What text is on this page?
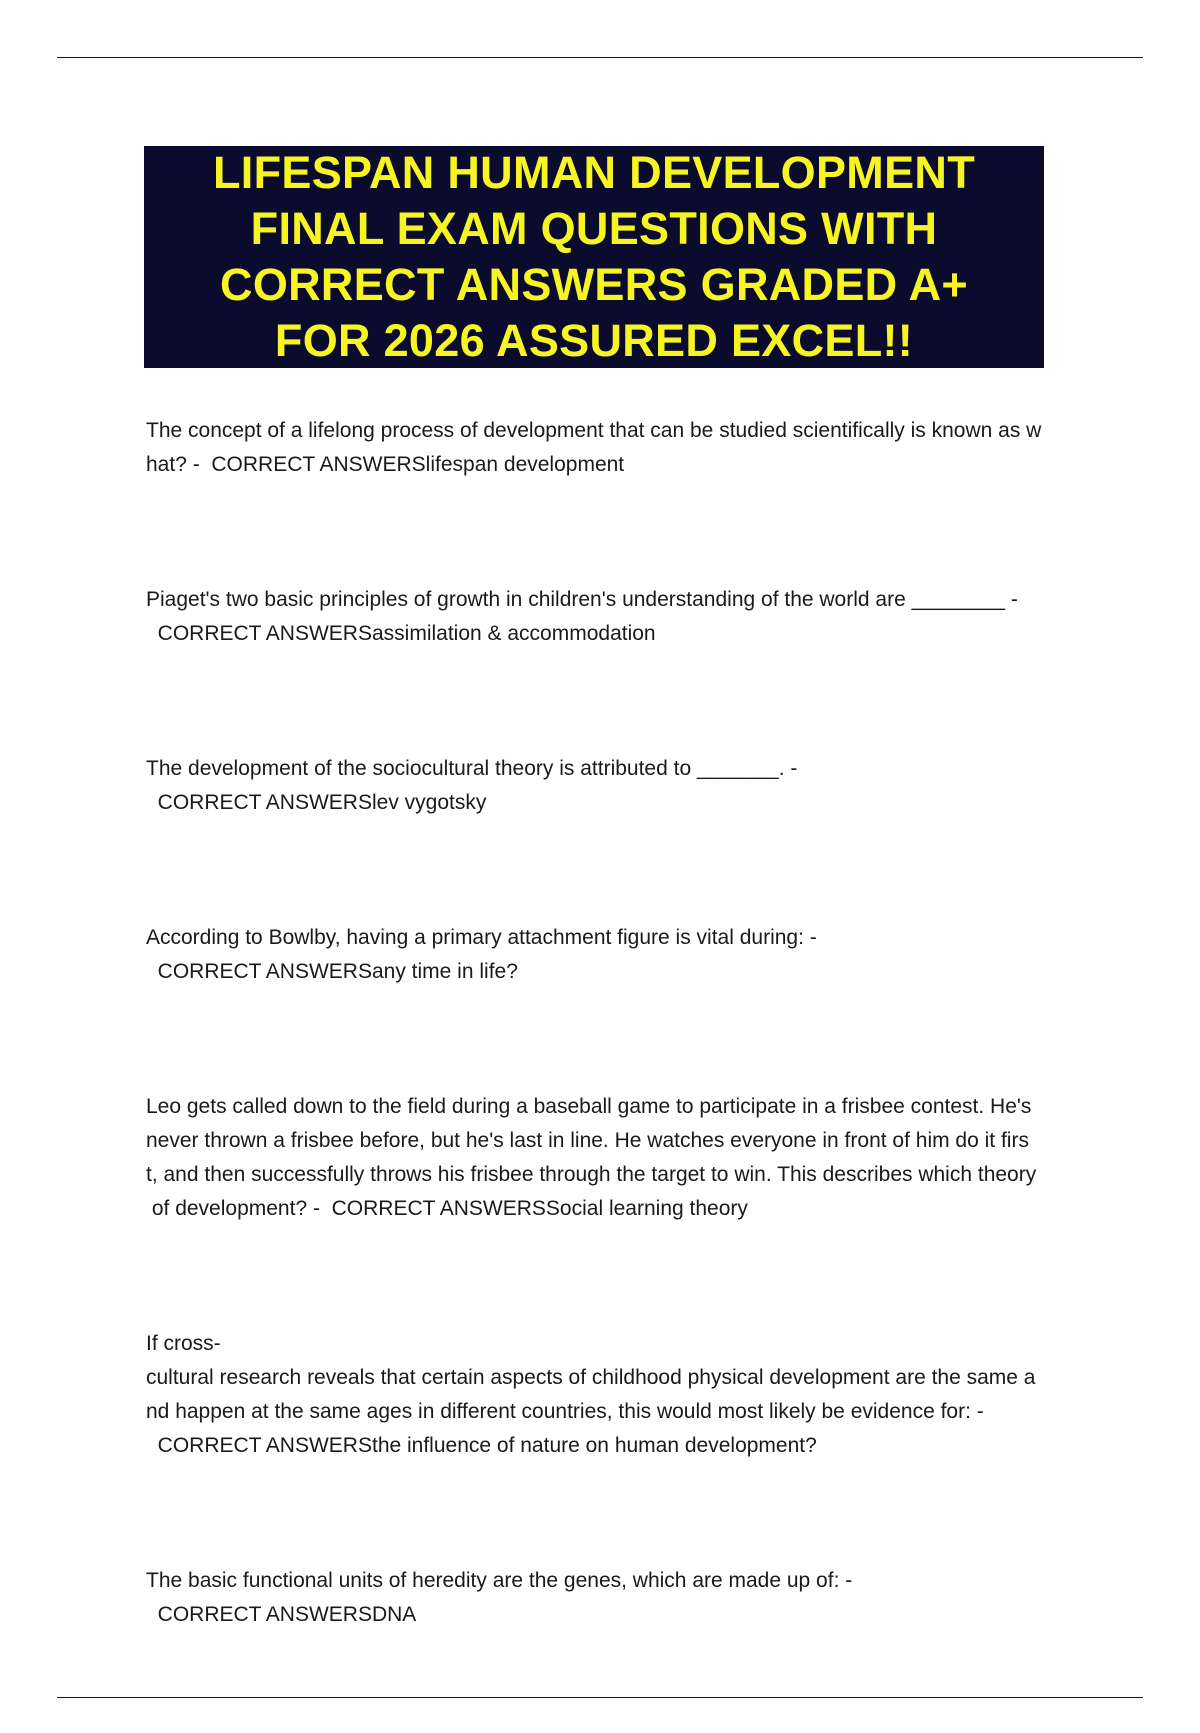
LIFESPAN HUMAN DEVELOPMENT
FINAL EXAM QUESTIONS WITH
CORRECT ANSWERS GRADED A+
FOR 2026 ASSURED EXCEL!!

The concept of a lifelong process of development that can be studied scientifically is known as w
hat? -  CORRECT ANSWERSlifespan development

Piaget's two basic principles of growth in children's understanding of the world are ________ -
CORRECT ANSWERSassimilation & accommodation

The development of the sociocultural theory is attributed to _______. -
CORRECT ANSWERSlev vygotsky

According to Bowlby, having a primary attachment figure is vital during: -
CORRECT ANSWERSany time in life?

Leo gets called down to the field during a baseball game to participate in a frisbee contest. He's
never thrown a frisbee before, but he's last in line. He watches everyone in front of him do it firs
t, and then successfully throws his frisbee through the target to win. This describes which theory
of development? -  CORRECT ANSWERSSocial learning theory

If cross-
cultural research reveals that certain aspects of childhood physical development are the same a
nd happen at the same ages in different countries, this would most likely be evidence for: -
CORRECT ANSWERSthe influence of nature on human development?

The basic functional units of heredity are the genes, which are made up of: -
CORRECT ANSWERSDNA
